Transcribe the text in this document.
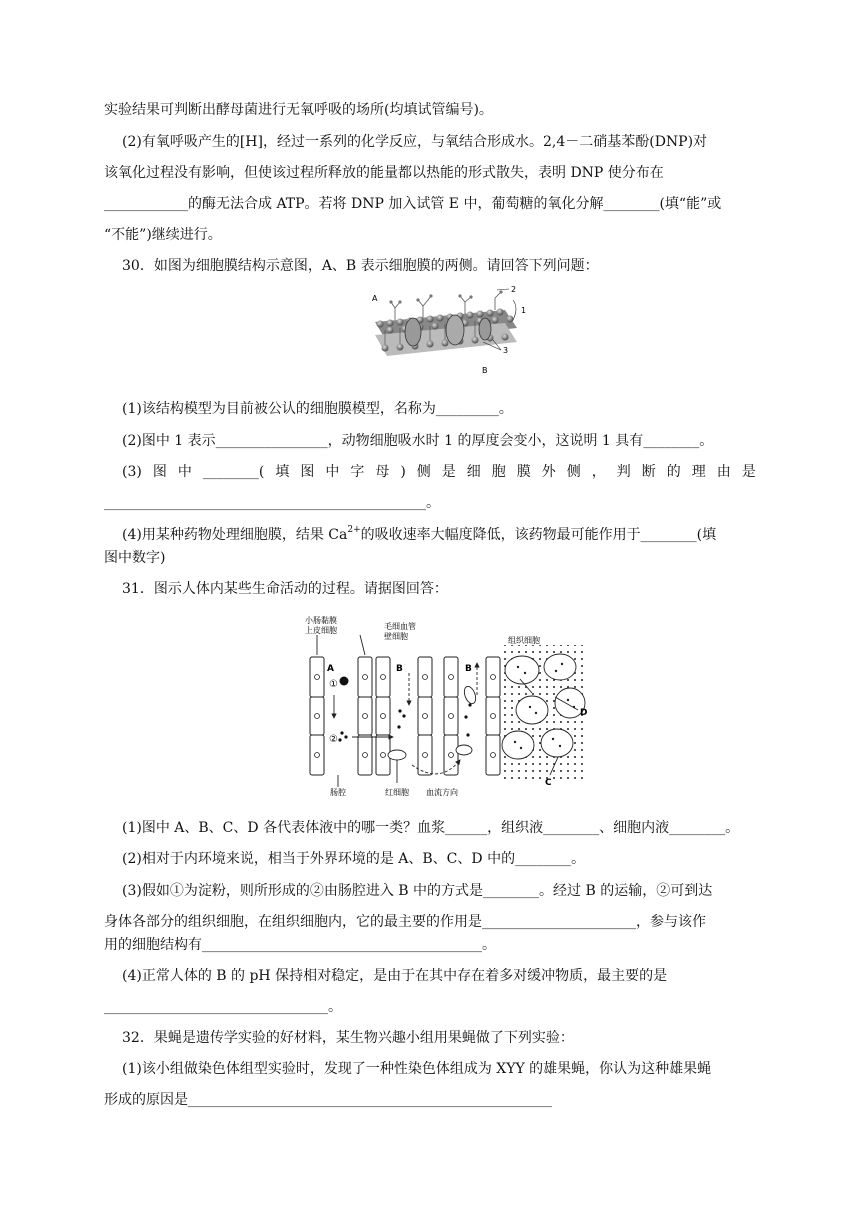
实验结果可判断出酵母菌进行无氧呼吸的场所(均填试管编号)。
(2)有氧呼吸产生的[H]，经过一系列的化学反应，与氧结合形成水。2,4－二硝基苯酚(DNP)对
该氧化过程没有影响，但使该过程所释放的能量都以热能的形式散失，表明 DNP 使分布在
____________的酶无法合成 ATP。若将 DNP 加入试管 E 中，葡萄糖的氧化分解________(填“能”或
“不能”)继续进行。
30．如图为细胞膜结构示意图，A、B 表示细胞膜的两侧。请回答下列问题：
A
2
1
3
B
(1)该结构模型为目前被公认的细胞膜模型，名称为_________。
(2)图中 1 表示________________，动物细胞吸水时 1 的厚度会变小，这说明 1 具有________。
(3) 图 中 ________( 填 图 中 字 母 ) 侧 是 细 胞 膜 外 侧 ， 判 断 的 理 由 是
______________________________________________。
(4)用某种药物处理细胞膜，结果 $Ca^{2+}$的吸收速率大幅度降低，该药物最可能作用于________(填
图中数字)
31．图示人体内某些生命活动的过程。请据图回答：
小肠黏膜
上皮细胞	毛细血管
壁细胞	组织细胞
A
①
②
B	B
D
C
肠腔	红细胞 血流方向
(1)图中 A、B、C、D 各代表体液中的哪一类？血浆______，组织液________、细胞内液________。
(2)相对于内环境来说，相当于外界环境的是 A、B、C、D 中的________。
(3)假如①为淀粉，则所形成的②由肠腔进入 B 中的方式是________。经过 B 的运输，②可到达
身体各部分的组织细胞，在组织细胞内，它的最主要的作用是______________________，参与该作
用的细胞结构有________________________________________。
(4)正常人体的 B 的 pH 保持相对稳定，是由于在其中存在着多对缓冲物质，最主要的是
________________________________。
32．果蝇是遗传学实验的好材料，某生物兴趣小组用果蝇做了下列实验：
(1)该小组做染色体组型实验时，发现了一种性染色体组成为 XYY 的雄果蝇，你认为这种雄果蝇
形成的原因是____________________________________________________
